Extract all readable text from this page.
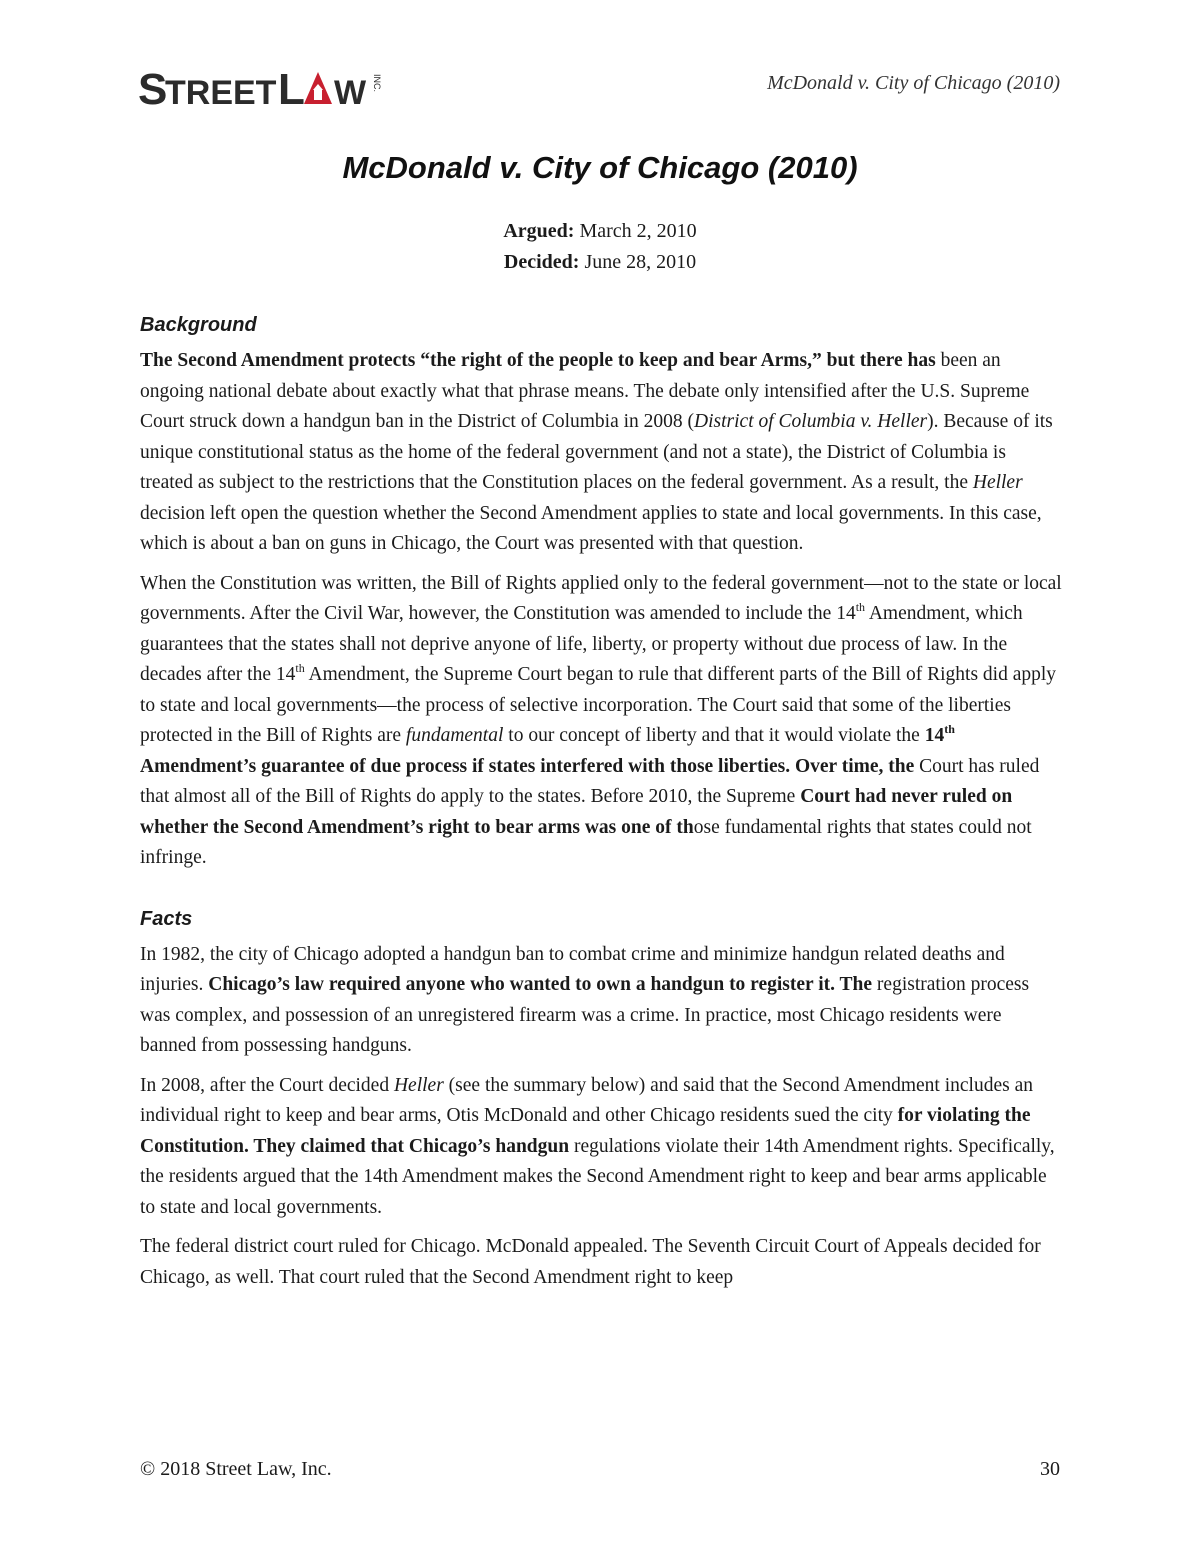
S
TREET L W INC.	McDonald v. City of Chicago (2010)
McDonald v. City of Chicago (2010)
Argued: March 2, 2010
Decided: June 28, 2010
Background

The Second Amendment protects “the right of the people to keep and bear Arms,” but there has been an ongoing national debate about exactly what that phrase means. The debate only intensified after the U.S. Supreme Court struck down a handgun ban in the District of Columbia in 2008 (District of Columbia v. Heller). Because of its unique constitutional status as the home of the federal government (and not a state), the District of Columbia is treated as subject to the restrictions that the Constitution places on the federal government. As a result, the Heller decision left open the question whether the Second Amendment applies to state and local governments. In this case, which is about a ban on guns in Chicago, the Court was presented with that question.

When the Constitution was written, the Bill of Rights applied only to the federal government—not to the state or local governments. After the Civil War, however, the Constitution was amended to include the 14th Amendment, which guarantees that the states shall not deprive anyone of life, liberty, or property without due process of law. In the decades after the 14th Amendment, the Supreme Court began to rule that different parts of the Bill of Rights did apply to state and local governments—the process of selective incorporation. The Court said that some of the liberties protected in the Bill of Rights are fundamental to our concept of liberty and that it would violate the 14th Amendment’s guarantee of due process if states interfered with those liberties. Over time, the Court has ruled that almost all of the Bill of Rights do apply to the states. Before 2010, the Supreme Court had never ruled on whether the Second Amendment’s right to bear arms was one of those fundamental rights that states could not infringe.

Facts

In 1982, the city of Chicago adopted a handgun ban to combat crime and minimize handgun related deaths and injuries. Chicago’s law required anyone who wanted to own a handgun to register it. The registration process was complex, and possession of an unregistered firearm was a crime. In practice, most Chicago residents were banned from possessing handguns.

In 2008, after the Court decided Heller (see the summary below) and said that the Second Amendment includes an individual right to keep and bear arms, Otis McDonald and other Chicago residents sued the city for violating the Constitution. They claimed that Chicago’s handgun regulations violate their 14th Amendment rights. Specifically, the residents argued that the 14th Amendment makes the Second Amendment right to keep and bear arms applicable to state and local governments.

The federal district court ruled for Chicago. McDonald appealed. The Seventh Circuit Court of Appeals decided for Chicago, as well. That court ruled that the Second Amendment right to keep

© 2018 Street Law, Inc.	30
